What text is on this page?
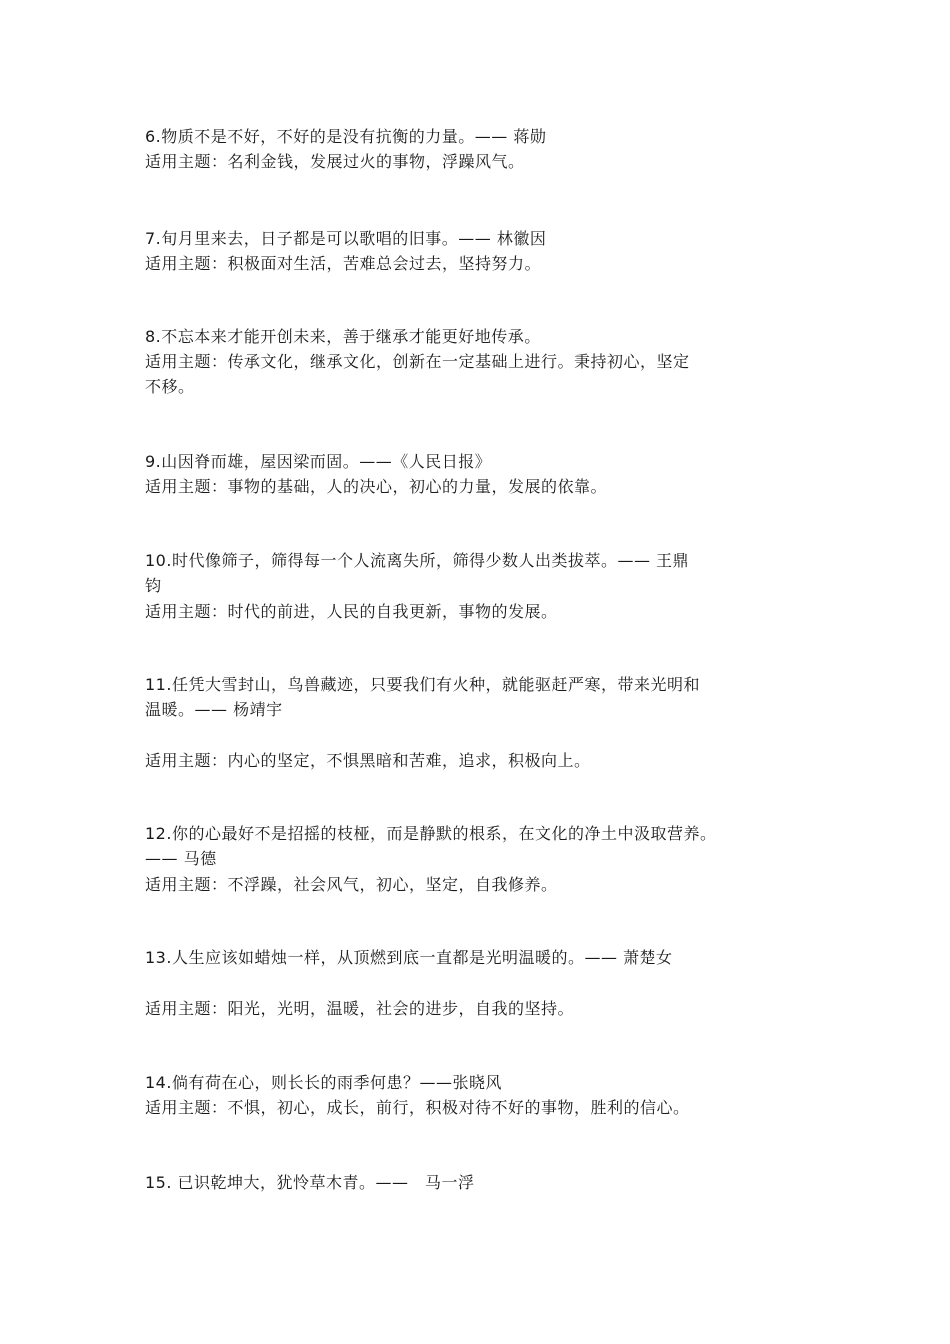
6.物质不是不好，不好的是没有抗衡的力量。—— 蒋勋
适用主题：名利金钱，发展过火的事物，浮躁风气。
7.旬月里来去，日子都是可以歌唱的旧事。—— 林徽因
适用主题：积极面对生活，苦难总会过去，坚持努力。
8.不忘本来才能开创未来，善于继承才能更好地传承。
适用主题：传承文化，继承文化，创新在一定基础上进行。秉持初心，坚定
不移。
9.山因脊而雄，屋因梁而固。——《人民日报》
适用主题：事物的基础，人的决心，初心的力量，发展的依靠。
10.时代像筛子，筛得每一个人流离失所，筛得少数人出类拔萃。—— 王鼎
钧
适用主题：时代的前进，人民的自我更新，事物的发展。
11.任凭大雪封山，鸟兽藏迹，只要我们有火种，就能驱赶严寒，带来光明和
温暖。—— 杨靖宇
适用主题：内心的坚定，不惧黑暗和苦难，追求，积极向上。
12.你的心最好不是招摇的枝桠，而是静默的根系，在文化的净土中汲取营养。
—— 马德
适用主题：不浮躁，社会风气，初心，坚定，自我修养。
13.人生应该如蜡烛一样，从顶燃到底一直都是光明温暖的。—— 萧楚女
适用主题：阳光，光明，温暖，社会的进步，自我的坚持。
14.倘有荷在心，则长长的雨季何患？——张晓风
适用主题：不惧，初心，成长，前行，积极对待不好的事物，胜利的信心。
15. 已识乾坤大，犹怜草木青。——　马一浮
